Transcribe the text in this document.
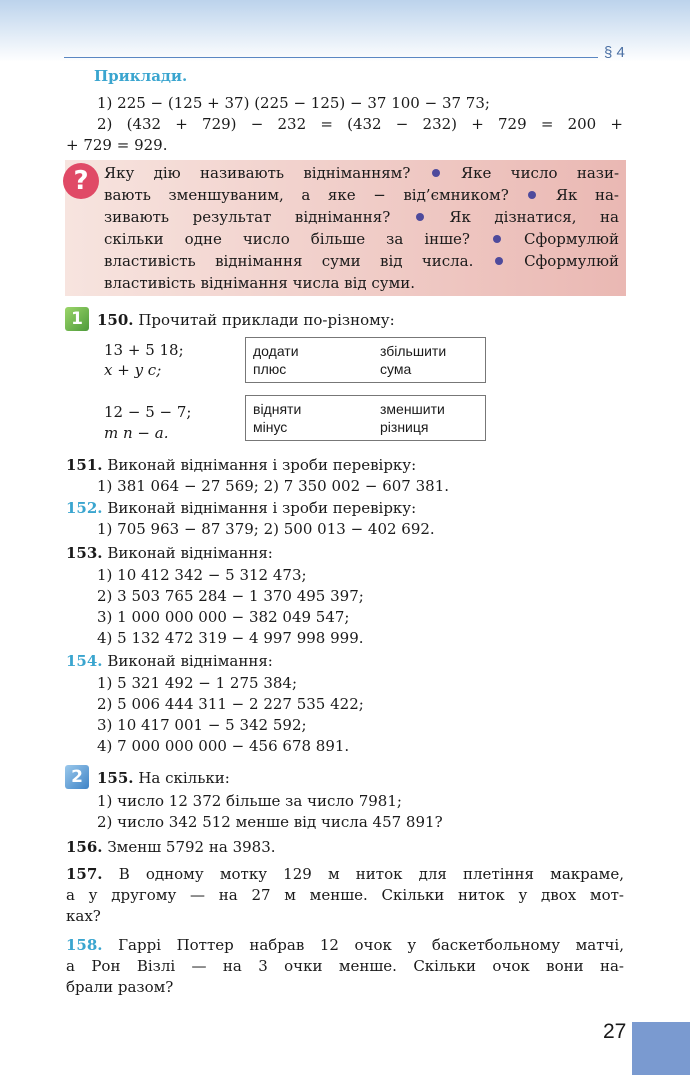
§ 4
Приклади.
1) 225 − (125 + 37) (225 − 125) − 37 100 − 37 73;
2) (432 + 729) − 232 = (432 − 232) + 729 = 200 +
+ 729 = 929.
?	Яку дію називають відніманням?  Яке число нази-
вають зменшуваним, а яке − від’ємником?  Як на-
зивають результат віднімання?  Як дізнатися, на
скільки одне число більше за інше?  Сформулюй
властивість віднімання суми від числа.  Сформулюй
властивість віднімання числа від суми.
1 150. Прочитай приклади по-різному:
13 + 5 18;
x + y c;
12 − 5 − 7;
m n − a.
додати	збільшити
плюс	сума
відняти	зменшити
мінус	різниця
151. Виконай віднімання і зроби перевірку:
1) 381 064 − 27 569; 2) 7 350 002 − 607 381.
152. Виконай віднімання і зроби перевірку:
1) 705 963 − 87 379; 2) 500 013 − 402 692.
153. Виконай віднімання:
1) 10 412 342 − 5 312 473;
2) 3 503 765 284 − 1 370 495 397;
3) 1 000 000 000 − 382 049 547;
4) 5 132 472 319 − 4 997 998 999.
154. Виконай віднімання:
1) 5 321 492 − 1 275 384;
2) 5 006 444 311 − 2 227 535 422;
3) 10 417 001 − 5 342 592;
4) 7 000 000 000 − 456 678 891.
2 155. На скільки:
1) число 12 372 більше за число 7981;
2) число 342 512 менше від числа 457 891?
156. Зменш 5792 на 3983.
157. В одному мотку 129 м ниток для плетіння макраме,
а у другому — на 27 м менше. Скільки ниток у двох мот-
ках?
158. Гаррі Поттер набрав 12 очок у баскетбольному матчі,
а Рон Візлі — на 3 очки менше. Скільки очок вони на-
брали разом?
27
